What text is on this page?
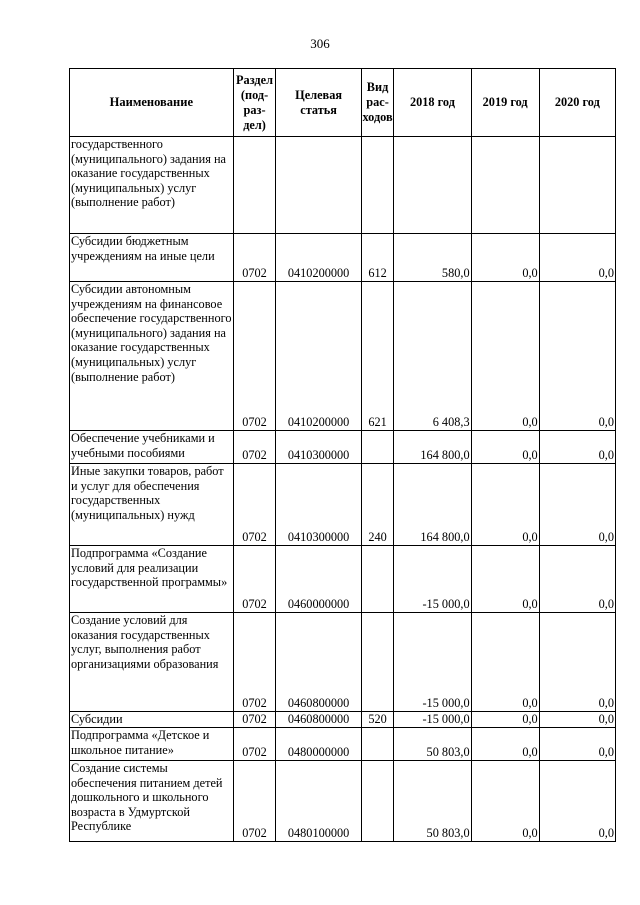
306
Наименование	Раздел (под-раз-дел)	Целевая статья	Вид рас-ходов	2018 год	2019 год	2020 год
государственного (муниципального) задания на оказание государственных (муниципальных) услуг (выполнение работ)						
Субсидии бюджетным учреждениям на иные цели	0702	0410200000	612	580,0	0,0	0,0
Субсидии автономным учреждениям на финансовое обеспечение государственного (муниципального) задания на оказание государственных (муниципальных) услуг (выполнение работ)	0702	0410200000	621	6 408,3	0,0	0,0
Обеспечение учебниками и учебными пособиями	0702	0410300000		164 800,0	0,0	0,0
Иные закупки товаров, работ и услуг для обеспечения государственных (муниципальных) нужд	0702	0410300000	240	164 800,0	0,0	0,0
Подпрограмма «Создание условий для реализации государственной программы»	0702	0460000000		-15 000,0	0,0	0,0
Создание условий для оказания государственных услуг, выполнения работ организациями образования	0702	0460800000		-15 000,0	0,0	0,0
Субсидии	0702	0460800000	520	-15 000,0	0,0	0,0
Подпрограмма «Детское и школьное питание»	0702	0480000000		50 803,0	0,0	0,0
Создание системы обеспечения питанием детей дошкольного и школьного возраста в Удмуртской Республике	0702	0480100000		50 803,0	0,0	0,0
